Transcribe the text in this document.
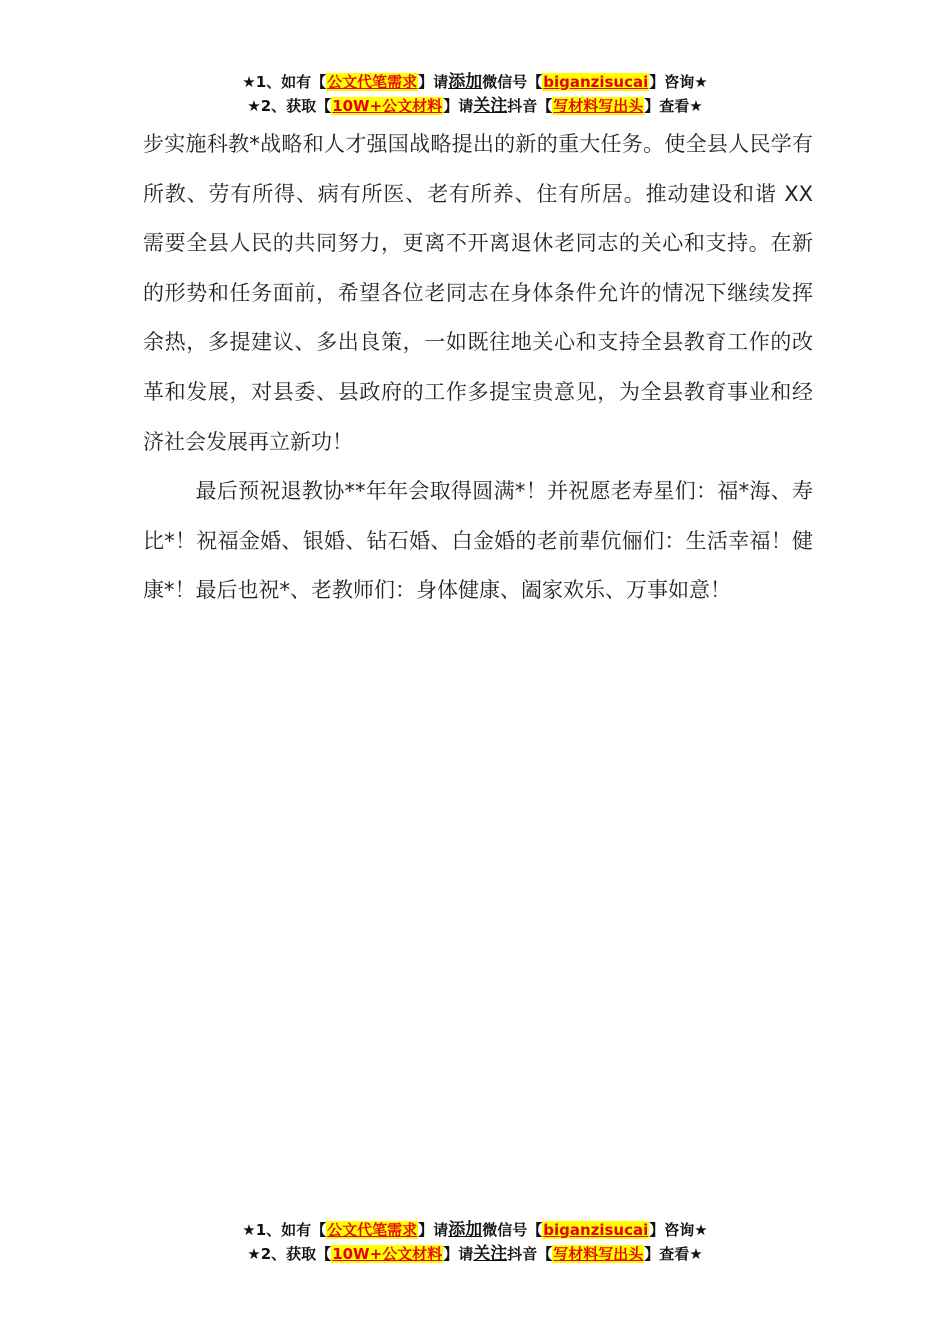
★1、如有【公文代笔需求】请添加微信号【biganzisucai】咨询★
★2、获取【10W+公文材料】请关注抖音【写材料写出头】查看★

步实施科教*战略和人才强国战略提出的新的重大任务。使全县人民学有所教、劳有所得、病有所医、老有所养、住有所居。推动建设和谐 XX 需要全县人民的共同努力，更离不开离退休老同志的关心和支持。在新的形势和任务面前，希望各位老同志在身体条件允许的情况下继续发挥余热，多提建议、多出良策，一如既往地关心和支持全县教育工作的改革和发展，对县委、县政府的工作多提宝贵意见，为全县教育事业和经济社会发展再立新功！

最后预祝退教协**年年会取得圆满*！并祝愿老寿星们：福*海、寿比*！祝福金婚、银婚、钻石婚、白金婚的老前辈伉俪们：生活幸福！健康*！最后也祝*、老教师们：身体健康、阖家欢乐、万事如意！

★1、如有【公文代笔需求】请添加微信号【biganzisucai】咨询★
★2、获取【10W+公文材料】请关注抖音【写材料写出头】查看★
